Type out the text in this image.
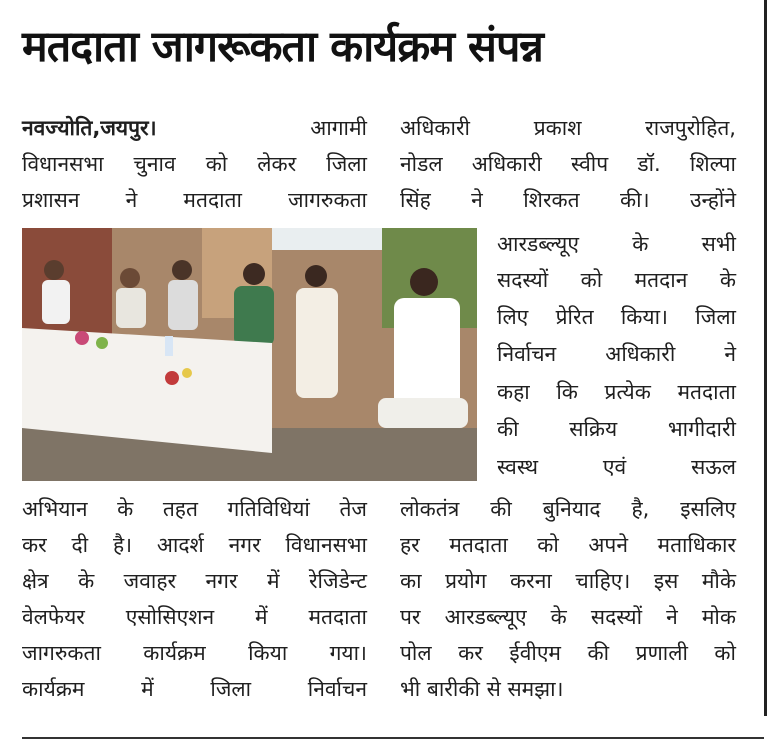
मतदाता जागरूकता कार्यक्रम संपन्न
नवज्योति,जयपुर।	आगामी
विधानसभा चुनाव को लेकर जिला
प्रशासन ने मतदाता जागरुकता
अधिकारी प्रकाश राजपुरोहित,
नोडल अधिकारी स्वीप डॉ. शिल्पा
सिंह ने शिरकत की। उन्होंने
आरडब्ल्यूए के सभी
सदस्यों को मतदान के
लिए प्रेरित किया। जिला
निर्वाचन अधिकारी ने
कहा कि प्रत्येक मतदाता
की सक्रिय भागीदारी
स्वस्थ एवं सऊल
अभियान के तहत गतिविधियां तेज
कर दी है। आदर्श नगर विधानसभा
क्षेत्र के जवाहर नगर में रेजिडेन्ट
वेलफेयर एसोसिएशन में मतदाता
जागरुकता कार्यक्रम किया गया।
कार्यक्रम में जिला निर्वाचन
लोकतंत्र की बुनियाद है, इसलिए
हर मतदाता को अपने मताधिकार
का प्रयोग करना चाहिए। इस मौके
पर आरडब्ल्यूए के सदस्यों ने मोक
पोल कर ईवीएम की प्रणाली को
भी बारीकी से समझा।
